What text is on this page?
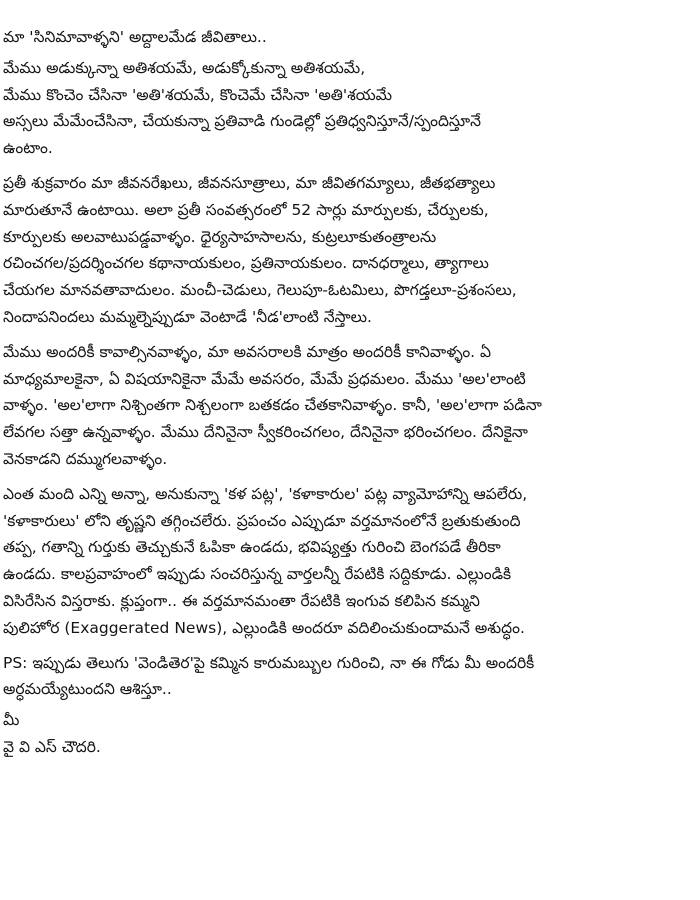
మా 'సినిమావాళ్ళని' అద్దాలమేడ జీవితాలు..
మేము అడుక్కున్నా అతిశయమే, అడుక్కోకున్నా అతిశయమే,
మేము కొంచెం చేసినా 'అతి'శయమే, కొంచెమే చేసినా 'అతి'శయమే
అస్సలు మేమేంచేసినా, చేయకున్నా ప్రతివాడి గుండెల్లో ప్రతిధ్వనిస్తూనే/స్పందిస్తూనే
ఉంటాం.
ప్రతీ శుక్రవారం మా జీవనరేఖలు, జీవనసూత్రాలు, మా జీవితగమ్యాలు, జీతభత్యాలు
మారుతూనే ఉంటాయి. అలా ప్రతీ సంవత్సరంలో 52 సార్లు మార్పులకు, చేర్పులకు,
కూర్పులకు అలవాటుపడ్డవాళ్ళం. ధైర్యసాహసాలను, కుట్రలూకుతంత్రాలను
రచించగల/ప్రదర్శించగల కథానాయకులం, ప్రతినాయకులం. దానధర్మాలు, త్యాగాలు
చేయగల మానవతావాదులం. మంచీ-చెడులు, గెలుపూ-ఓటమిలు, పొగడ్తలూ-ప్రశంసలు,
నిందాపనిందలు మమ్మల్నెప్పుడూ వెంటాడే 'నీడ'లాంటి నేస్తాలు.
మేము అందరికీ కావాల్సినవాళ్ళం, మా అవసరాలకి మాత్రం అందరికీ కానివాళ్ళం. ఏ
మాధ్యమాలకైనా, ఏ విషయానికైనా మేమే అవసరం, మేమే ప్రధమలం. మేము 'అల'లాంటి
వాళ్ళం. 'అల'లాగా నిశ్చింతగా నిశ్చలంగా బతకడం చేతకానివాళ్ళం. కానీ, 'అల'లాగా పడినా
లేవగల సత్తా ఉన్నవాళ్ళం. మేము దేనినైనా స్వీకరించగలం, దేనినైనా భరించగలం. దేనికైనా
వెనకాడని దమ్ముగలవాళ్ళం.
ఎంత మంది ఎన్ని అన్నా, అనుకున్నా 'కళ పట్ల', 'కళాకారుల' పట్ల వ్యామోహాన్ని ఆపలేరు,
'కళాకారులు' లోని తృష్ణని తగ్గించలేరు. ప్రపంచం ఎప్పుడూ వర్తమానంలోనే బ్రతుకుతుంది
తప్ప, గతాన్ని గుర్తుకు తెచ్చుకునే ఓపికా ఉండదు, భవిష్యత్తు గురించి బెంగపడే తీరికా
ఉండదు. కాలప్రవాహంలో ఇప్పుడు సంచరిస్తున్న వార్తలన్నీ రేపటికి సద్దికూడు. ఎల్లుండికి
విసిరేసిన విస్తరాకు. క్లుప్తంగా.. ఈ వర్తమానమంతా రేపటికి ఇంగువ కలిపిన కమ్మని
పులిహోర (Exaggerated News), ఎల్లుండికి అందరూ వదిలించుకుందామనే అశుద్ధం.
PS: ఇప్పుడు తెలుగు 'వెండితెర'పై కమ్మిన కారుమబ్బుల గురించి, నా ఈ గోడు మీ అందరికీ
అర్ధమయ్యేటుందని ఆశిస్తూ..
మీ
వై వి ఎస్ చౌదరి.
